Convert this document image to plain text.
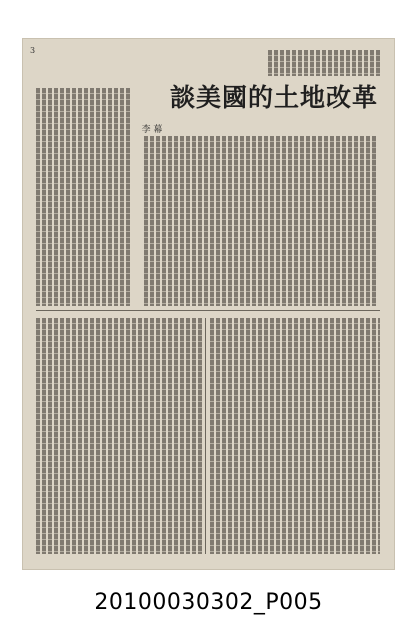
3
談美國的土地改革
李 幕
20100030302_P005
